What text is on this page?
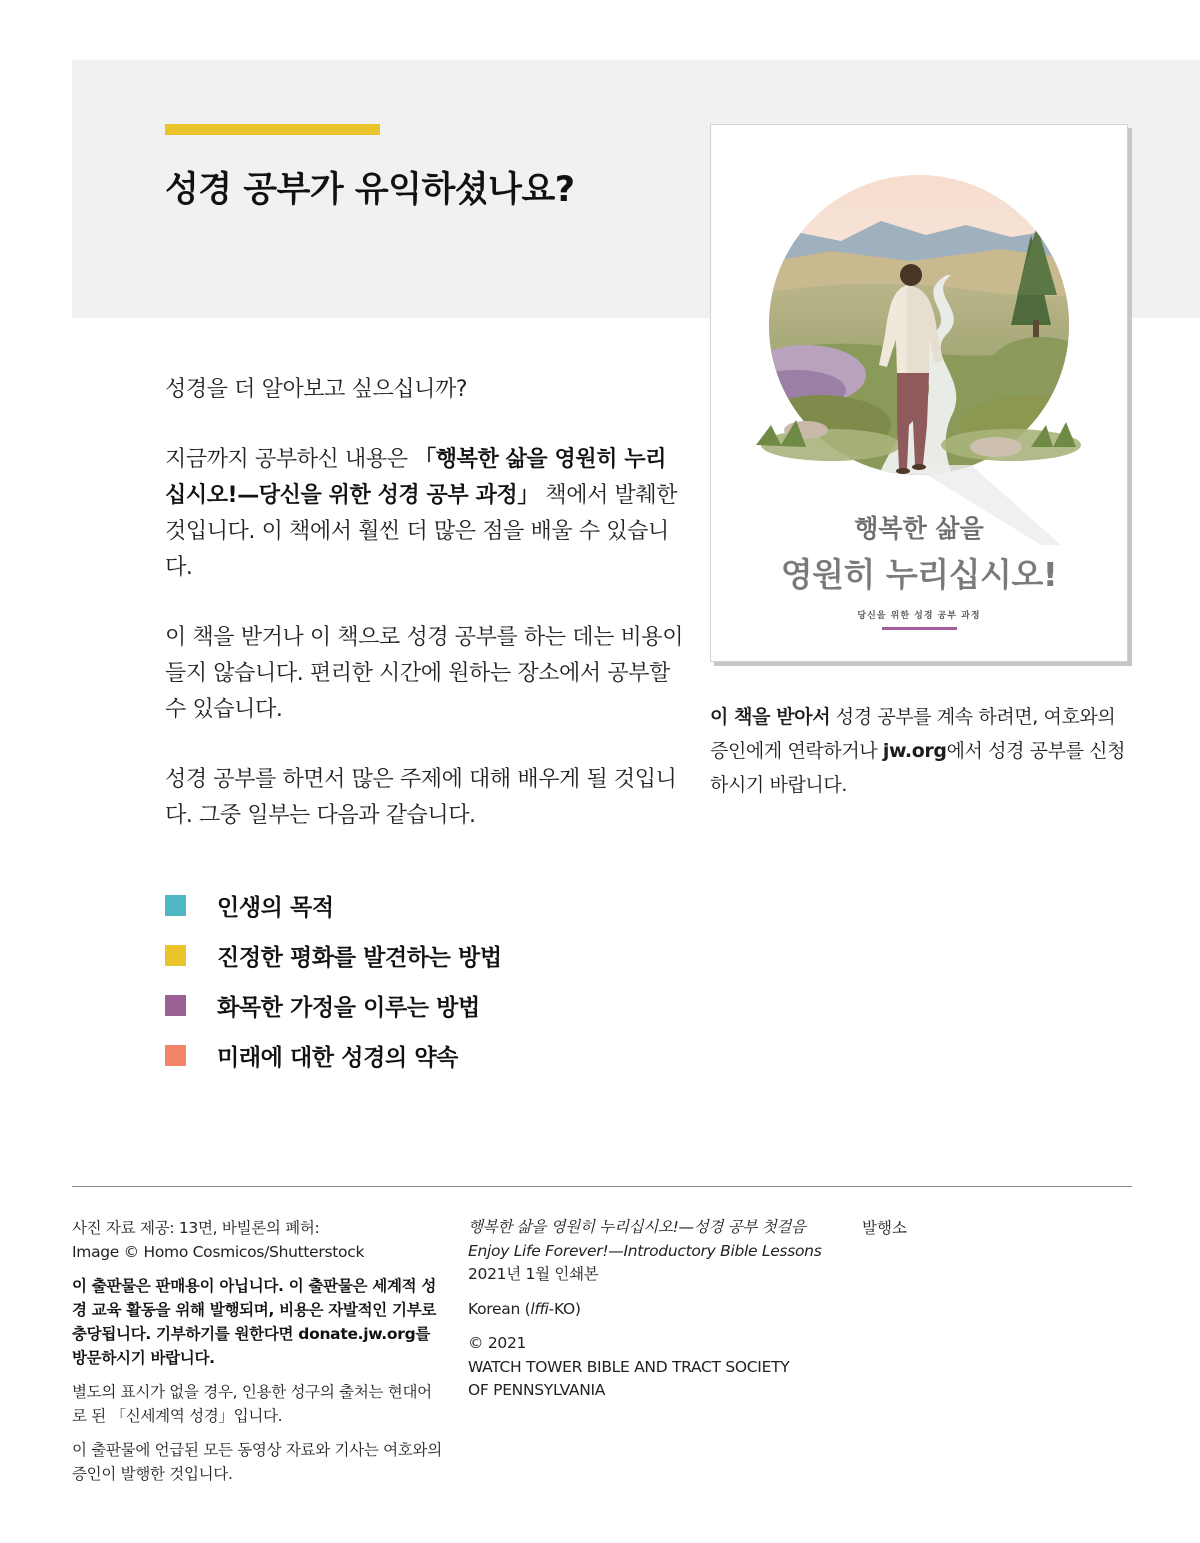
성경 공부가 유익하셨나요?

성경을 더 알아보고 싶으십니까?

지금까지 공부하신 내용은 「행복한 삶을 영원히 누리십시오!—당신을 위한 성경 공부 과정」 책에서 발췌한 것입니다. 이 책에서 훨씬 더 많은 점을 배울 수 있습니다.

이 책을 받거나 이 책으로 성경 공부를 하는 데는 비용이 들지 않습니다. 편리한 시간에 원하는 장소에서 공부할 수 있습니다.

성경 공부를 하면서 많은 주제에 대해 배우게 될 것입니다. 그중 일부는 다음과 같습니다.

인생의 목적
진정한 평화를 발견하는 방법
화목한 가정을 이루는 방법
미래에 대한 성경의 약속
행복한 삶을
영원히 누리십시오!
당신을 위한 성경 공부 과정
이 책을 받아서 성경 공부를 계속 하려면, 여호와의 증인에게 연락하거나 jw.org에서 성경 공부를 신청하시기 바랍니다.

사진 자료 제공: 13면, 바빌론의 폐허:
Image © Homo Cosmicos/Shutterstock

이 출판물은 판매용이 아닙니다. 이 출판물은 세계적 성경 교육 활동을 위해 발행되며, 비용은 자발적인 기부로 충당됩니다. 기부하기를 원한다면 donate.jw.org를 방문하시기 바랍니다.

별도의 표시가 없을 경우, 인용한 성구의 출처는 현대어로 된 「신세계역 성경」입니다.

이 출판물에 언급된 모든 동영상 자료와 기사는 여호와의 증인이 발행한 것입니다.

행복한 삶을 영원히 누리십시오!—성경 공부 첫걸음
Enjoy Life Forever!—Introductory Bible Lessons
2021년 1월 인쇄본

Korean (lffi-KO)

© 2021
WATCH TOWER BIBLE AND TRACT SOCIETY
OF PENNSYLVANIA

발행소
